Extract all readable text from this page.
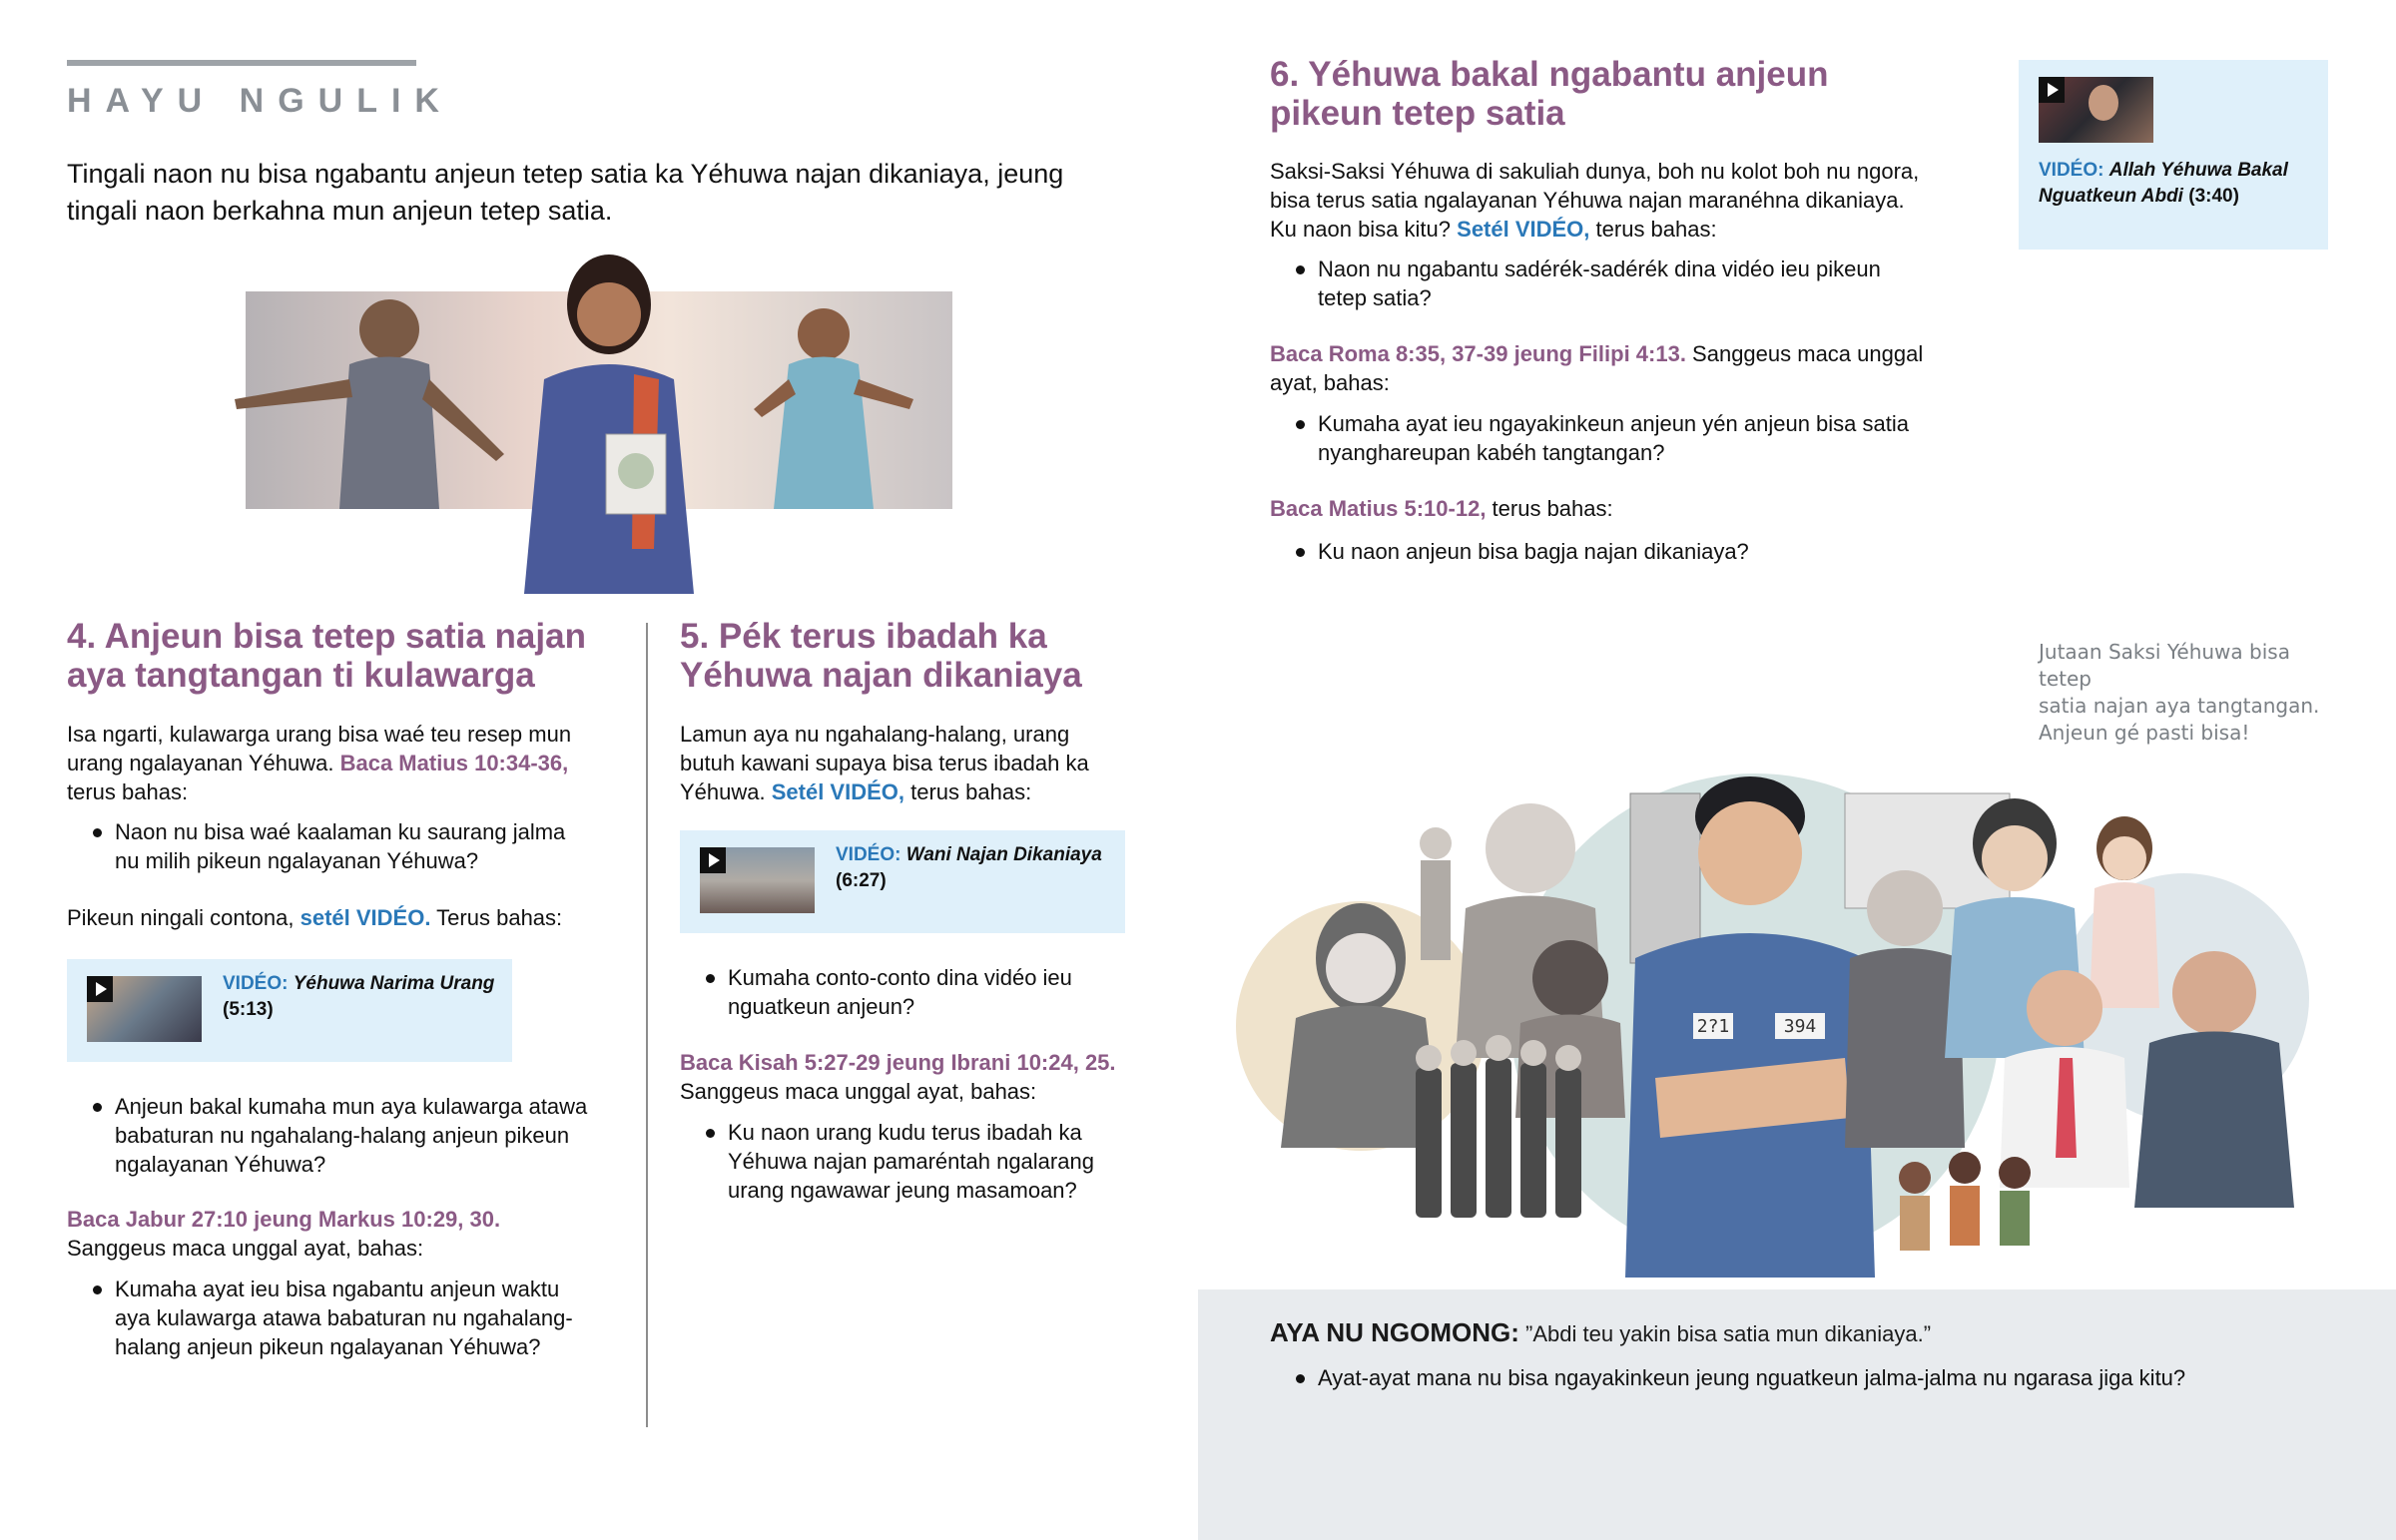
HAYU NGULIK
Tingali naon nu bisa ngabantu anjeun tetep satia ka Yéhuwa najan dikaniaya, jeung tingali naon berkahna mun anjeun tetep satia.
4. Anjeun bisa tetep satia najan
aya tangtangan ti kulawarga
Isa ngarti, kulawarga urang bisa waé teu resep mun
urang ngalayanan Yéhuwa. Baca Matius 10:34-36,
terus bahas:
Naon nu bisa waé kaalaman ku saurang jalma
nu milih pikeun ngalayanan Yéhuwa?
Pikeun ningali contona, setél VIDÉO. Terus bahas:
VIDÉO: Yéhuwa Narima Urang
(5:13)
Anjeun bakal kumaha mun aya kulawarga atawa
babaturan nu ngahalang-halang anjeun pikeun
ngalayanan Yéhuwa?
Baca Jabur 27:10 jeung Markus 10:29, 30.
Sanggeus maca unggal ayat, bahas:
Kumaha ayat ieu bisa ngabantu anjeun waktu
aya kulawarga atawa babaturan nu ngahalang-
halang anjeun pikeun ngalayanan Yéhuwa?
5. Pék terus ibadah ka
Yéhuwa najan dikaniaya
Lamun aya nu ngahalang-halang, urang
butuh kawani supaya bisa terus ibadah ka
Yéhuwa. Setél VIDÉO, terus bahas:
VIDÉO: Wani Najan Dikaniaya
(6:27)
Kumaha conto-conto dina vidéo ieu
nguatkeun anjeun?
Baca Kisah 5:27-29 jeung Ibrani 10:24, 25.
Sanggeus maca unggal ayat, bahas:
Ku naon urang kudu terus ibadah ka
Yéhuwa najan pamaréntah ngalarang
urang ngawawar jeung masamoan?
6. Yéhuwa bakal ngabantu anjeun
pikeun tetep satia
Saksi-Saksi Yéhuwa di sakuliah dunya, boh nu kolot boh nu ngora,
bisa terus satia ngalayanan Yéhuwa najan maranéhna dikaniaya.
Ku naon bisa kitu? Setél VIDÉO, terus bahas:
Naon nu ngabantu sadérék-sadérék dina vidéo ieu pikeun
tetep satia?
Baca Roma 8:35, 37-39 jeung Filipi 4:13. Sanggeus maca unggal
ayat, bahas:
Kumaha ayat ieu ngayakinkeun anjeun yén anjeun bisa satia
nyanghareupan kabéh tangtangan?
Baca Matius 5:10-12, terus bahas:
Ku naon anjeun bisa bagja najan dikaniaya?
VIDÉO: Allah Yéhuwa Bakal
Nguatkeun Abdi (3:40)
Jutaan Saksi Yéhuwa bisa tetep
satia najan aya tangtangan.
Anjeun gé pasti bisa!
2?1	394
AYA NU NGOMONG: ”Abdi teu yakin bisa satia mun dikaniaya.”
Ayat-ayat mana nu bisa ngayakinkeun jeung nguatkeun jalma-jalma nu ngarasa jiga kitu?
